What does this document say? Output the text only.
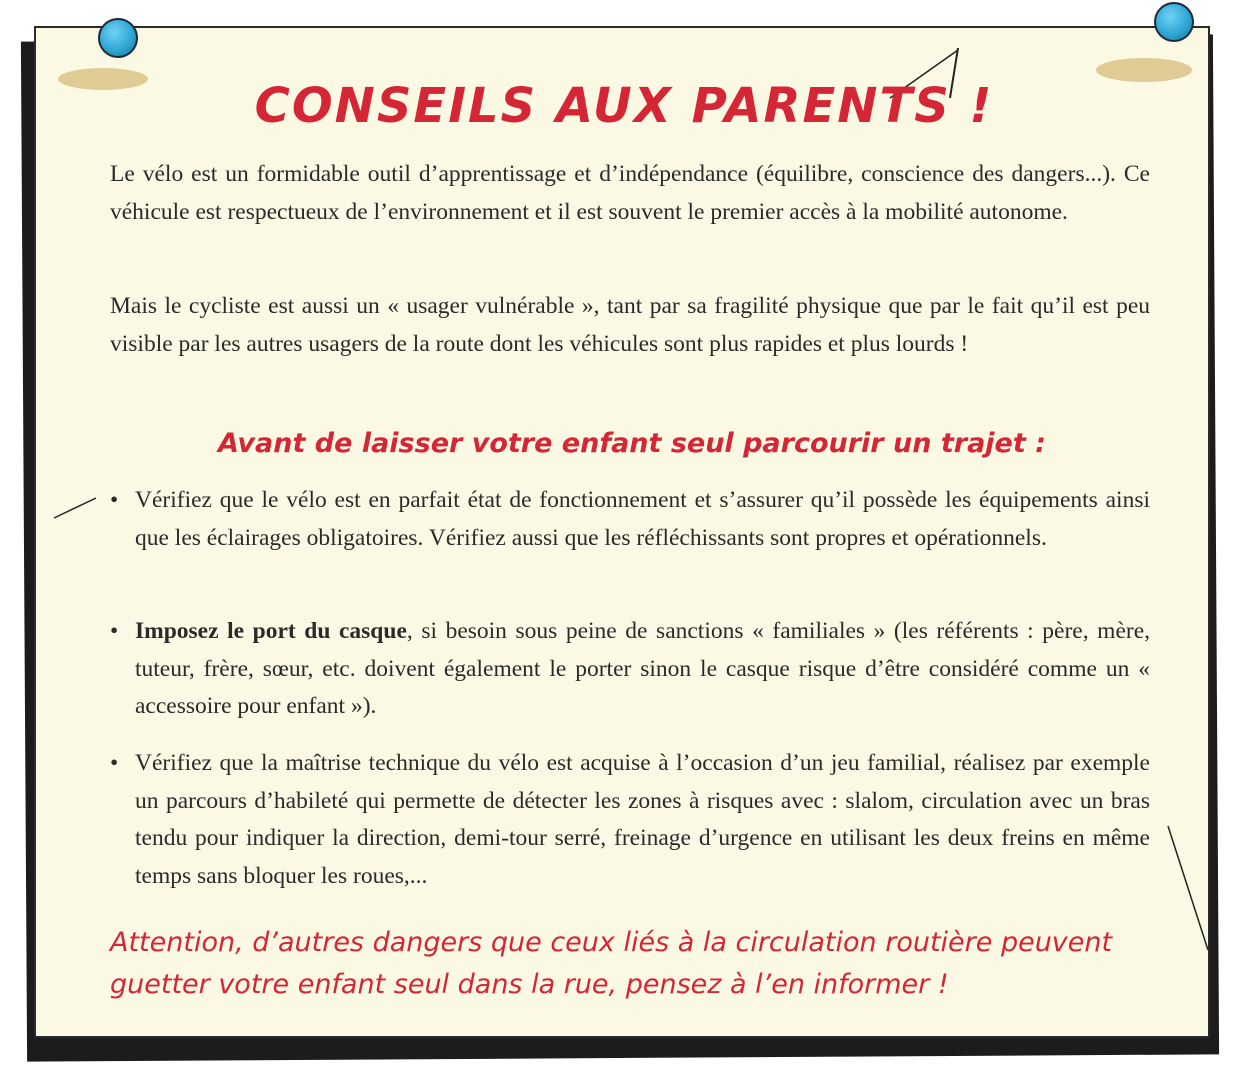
CONSEILS AUX PARENTS !

Le vélo est un formidable outil d’apprentissage et d’indépendance (équilibre, conscience des dangers...). Ce véhicule est respectueux de l’environnement et il est souvent le premier accès à la mobilité autonome.

Mais le cycliste est aussi un « usager vulnérable », tant par sa fragilité physique que par le fait qu’il est peu visible par les autres usagers de la route dont les véhicules sont plus rapides et plus lourds !

Avant de laisser votre enfant seul parcourir un trajet :
• Vérifiez que le vélo est en parfait état de fonctionnement et s’assurer qu’il possède les équipements ainsi que les éclairages obligatoires. Vérifiez aussi que les réfléchissants sont propres et opérationnels.

• Imposez le port du casque, si besoin sous peine de sanctions « familiales » (les référents : père, mère, tuteur, frère, sœur, etc. doivent également le porter sinon le casque risque d’être considéré comme un « accessoire pour enfant »).

• Vérifiez que la maîtrise technique du vélo est acquise à l’occasion d’un jeu familial, réalisez par exemple un parcours d’habileté qui permette de détecter les zones à risques avec : slalom, circulation avec un bras tendu pour indiquer la direction, demi-tour serré, freinage d’urgence en utilisant les deux freins en même temps sans bloquer les roues,...

Attention, d’autres dangers que ceux liés à la circulation routière peuvent guetter votre enfant seul dans la rue, pensez à l’en informer !
